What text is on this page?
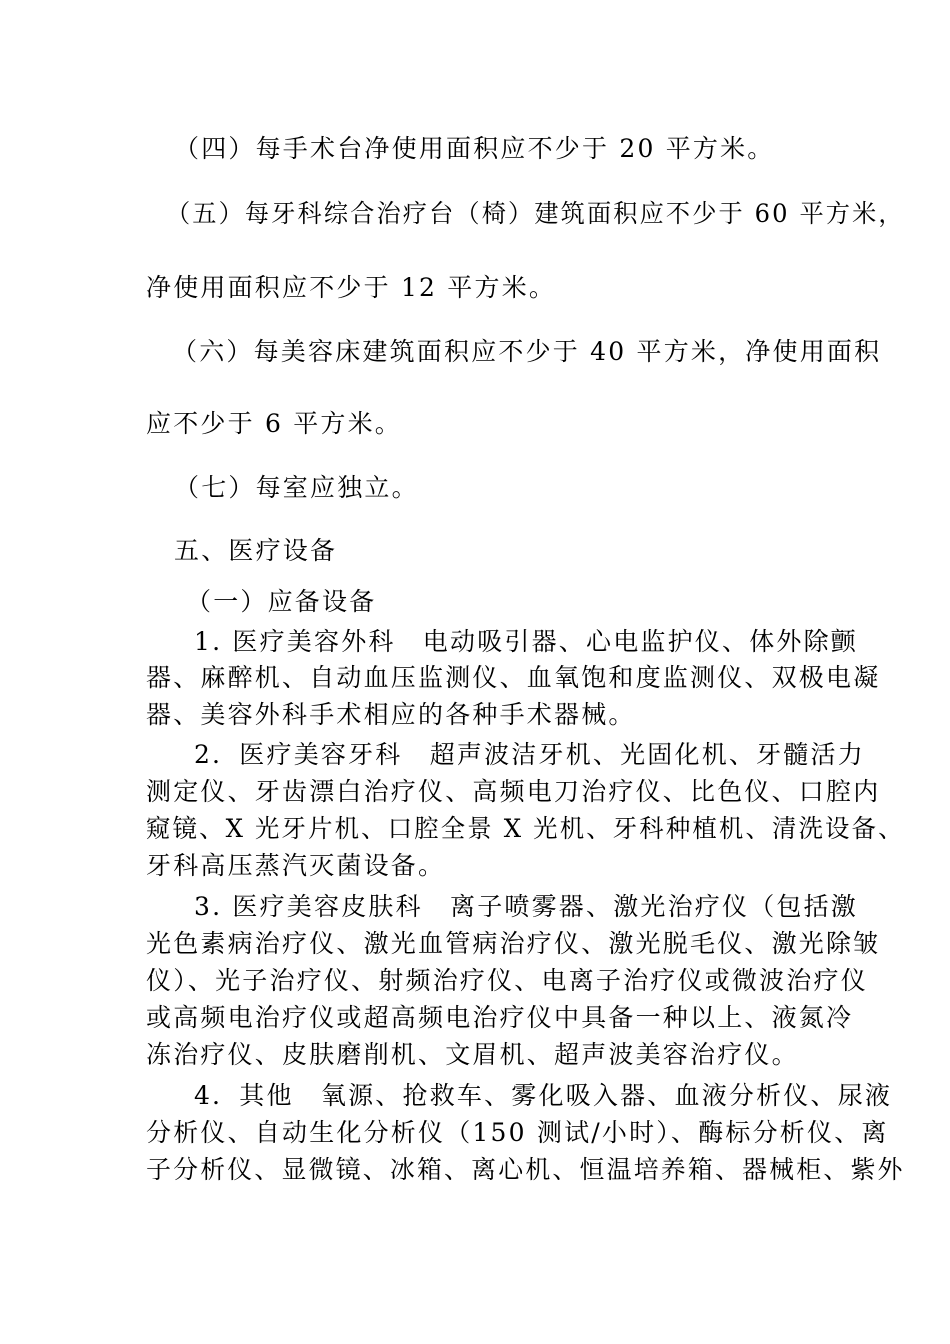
（四）每手术台净使用面积应不少于 20 平方米。
（五）每牙科综合治疗台（椅）建筑面积应不少于 60 平方米，
净使用面积应不少于 12 平方米。
（六）每美容床建筑面积应不少于 40 平方米，净使用面积
应不少于 6 平方米。
（七）每室应独立。
五、医疗设备
（一）应备设备
1. 医疗美容外科　电动吸引器、心电监护仪、体外除颤
器、麻醉机、自动血压监测仪、血氧饱和度监测仪、双极电凝
器、美容外科手术相应的各种手术器械。
2．医疗美容牙科　超声波洁牙机、光固化机、牙髓活力
测定仪、牙齿漂白治疗仪、高频电刀治疗仪、比色仪、口腔内
窥镜、X 光牙片机、口腔全景 X 光机、牙科种植机、清洗设备、
牙科高压蒸汽灭菌设备。
3. 医疗美容皮肤科　离子喷雾器、激光治疗仪（包括激
光色素病治疗仪、激光血管病治疗仪、激光脱毛仪、激光除皱
仪）、光子治疗仪、射频治疗仪、电离子治疗仪或微波治疗仪
或高频电治疗仪或超高频电治疗仪中具备一种以上、液氮冷
冻治疗仪、皮肤磨削机、文眉机、超声波美容治疗仪。
4．其他　氧源、抢救车、雾化吸入器、血液分析仪、尿液
分析仪、自动生化分析仪（150 测试/小时）、酶标分析仪、离
子分析仪、显微镜、冰箱、离心机、恒温培养箱、器械柜、紫外
